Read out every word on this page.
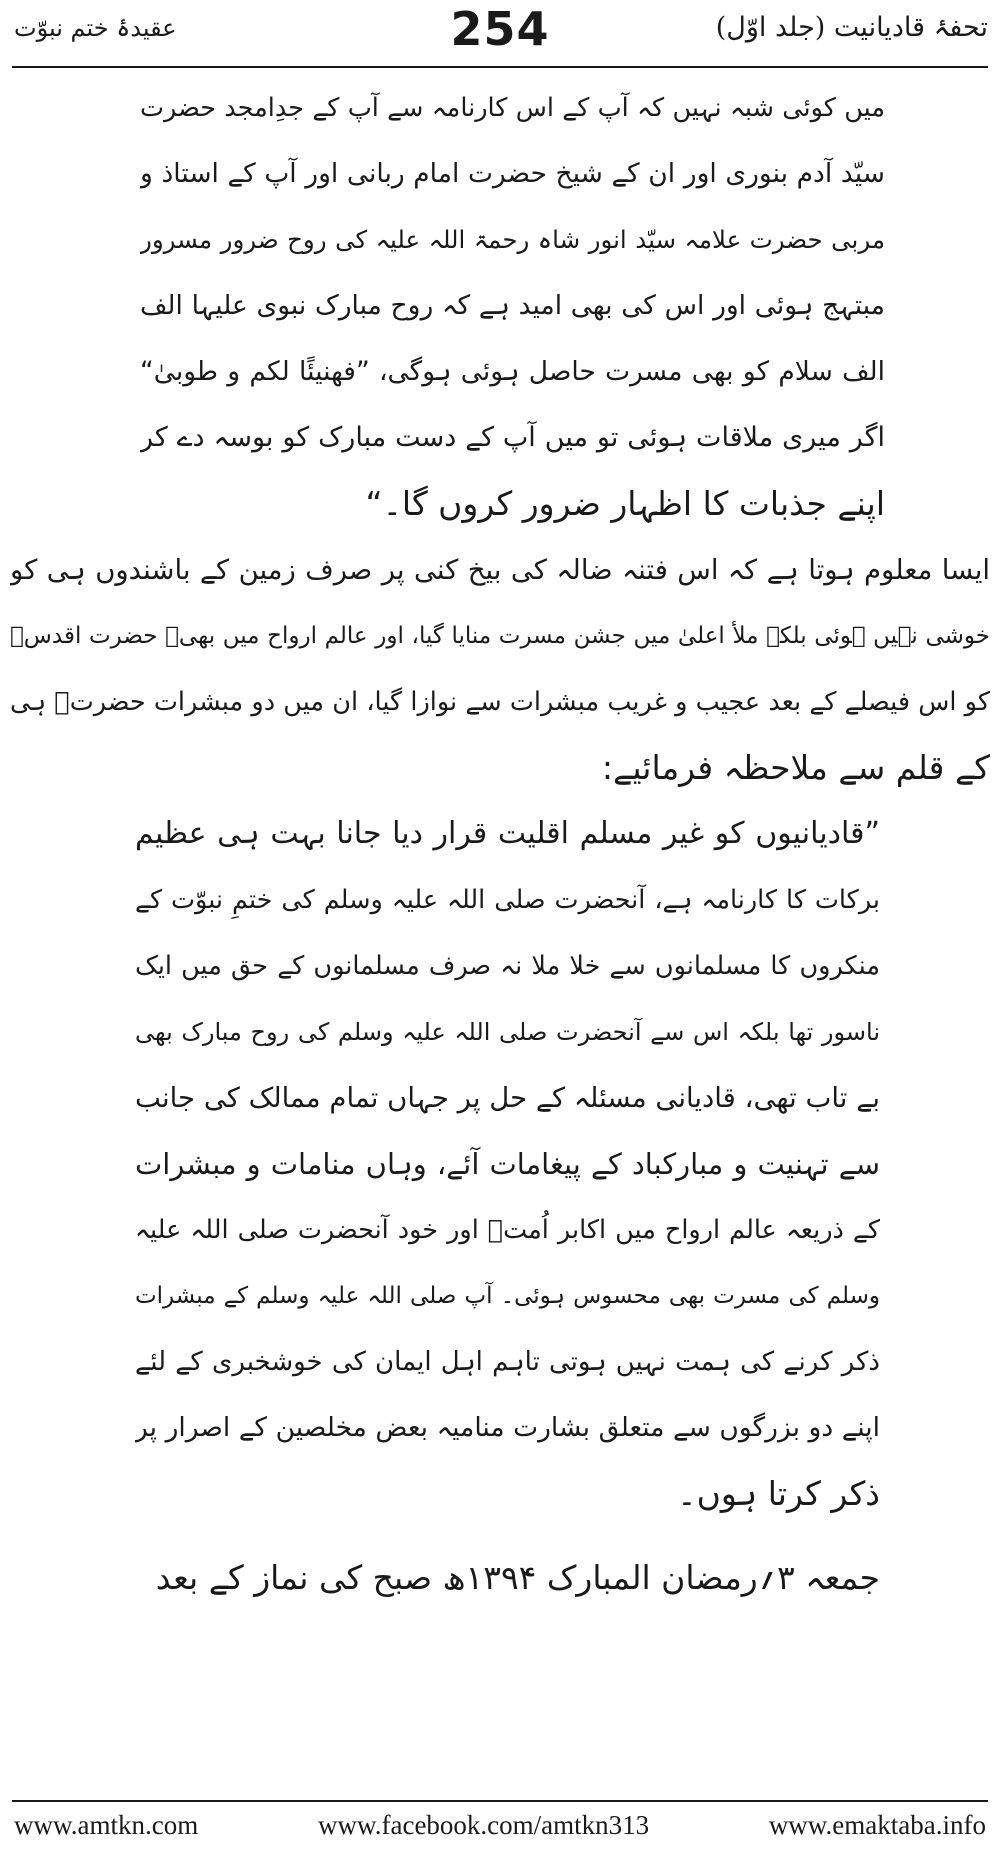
تحفۂ قادیانیت (جلد اوّل)
254
عقیدۂ ختم نبوّت
میں کوئی شبہ نہیں کہ آپ کے اس کارنامہ سے آپ کے جدِامجد حضرت
سیّد آدم بنوری اور ان کے شیخ حضرت امام ربانی اور آپ کے استاذ و
مربی حضرت علامہ سیّد انور شاہ رحمۃ اللہ علیہ کی روح ضرور مسرور
مبتہج ہوئی اور اس کی بھی امید ہے کہ روح مبارک نبوی علیہا الف
الف سلام کو بھی مسرت حاصل ہوئی ہوگی، ”فھنیئًا لکم و طوبیٰ“
اگر میری ملاقات ہوئی تو میں آپ کے دست مبارک کو بوسہ دے کر
اپنے جذبات کا اظہار ضرور کروں گا۔“
ایسا معلوم ہوتا ہے کہ اس فتنہ ضالہ کی بیخ کنی پر صرف زمین کے باشندوں ہی کو
خوشی نہیں ہوئی بلکہ ملأ اعلیٰ میں جشن مسرت منایا گیا، اور عالم ارواح میں بھی۔ حضرت اقدسؒ
کو اس فیصلے کے بعد عجیب و غریب مبشرات سے نوازا گیا، ان میں دو مبشرات حضرتؒ ہی
کے قلم سے ملاحظہ فرمائیے:
”قادیانیوں کو غیر مسلم اقلیت قرار دیا جانا بہت ہی عظیم
برکات کا کارنامہ ہے، آنحضرت صلی اللہ علیہ وسلم کی ختمِ نبوّت کے
منکروں کا مسلمانوں سے خلا ملا نہ صرف مسلمانوں کے حق میں ایک
ناسور تھا بلکہ اس سے آنحضرت صلی اللہ علیہ وسلم کی روح مبارک بھی
بے تاب تھی، قادیانی مسئلہ کے حل پر جہاں تمام ممالک کی جانب
سے تہنیت و مبارکباد کے پیغامات آئے، وہاں منامات و مبشرات
کے ذریعہ عالم ارواح میں اکابر اُمتؒ اور خود آنحضرت صلی اللہ علیہ
وسلم کی مسرت بھی محسوس ہوئی۔ آپ صلی اللہ علیہ وسلم کے مبشرات
ذکر کرنے کی ہمت نہیں ہوتی تاہم اہل ایمان کی خوشخبری کے لئے
اپنے دو بزرگوں سے متعلق بشارت منامیہ بعض مخلصین کے اصرار پر
ذکر کرتا ہوں۔
جمعہ ۳؍رمضان المبارک ۱۳۹۴ھ صبح کی نماز کے بعد
www.amtkn.com	www.facebook.com/amtkn313	www.emaktaba.info
